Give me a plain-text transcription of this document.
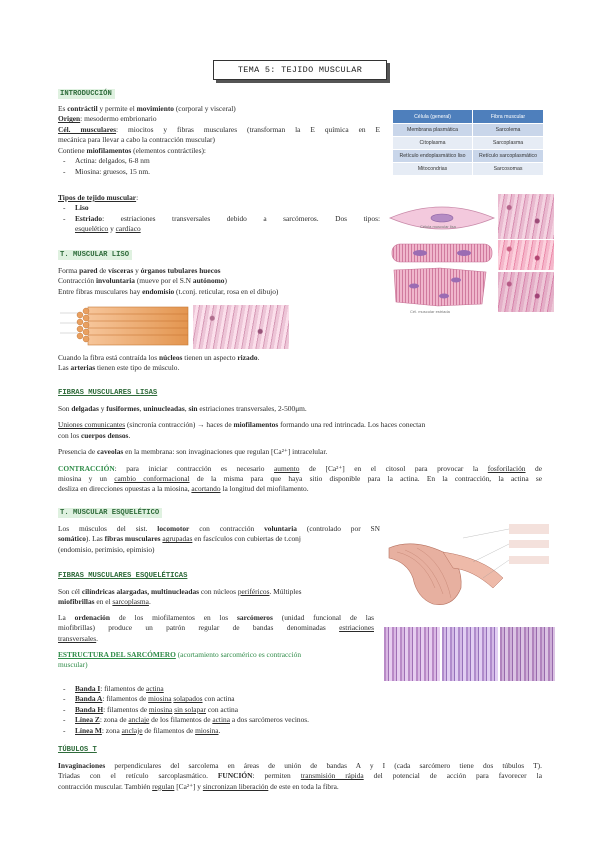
TEMA 5: TEJIDO MUSCULAR
INTRODUCCIÓN
Es contráctil y permite el movimiento (corporal y visceral)
Origen: mesodermo embrionario
Cél. musculares: miocitos y fibras musculares (transforman la E química en E
mecánica para llevar a cabo la contracción muscular)
Contiene miofilamentos (elementos contráctiles):
- Actina: delgados, 6-8 nm
- Miosina: gruesos, 15 nm.
Tipos de tejido muscular:
- Liso
- Estriado: estriaciones transversales debido a sarcómeros. Dos tipos:
esquelético y cardíaco
Célula (general)	Fibra muscular
Membrana plasmática	Sarcolema
Citoplasma	Sarcoplasma
Retículo endoplasmático liso	Retículo sarcoplasmático
Mitocondrias	Sarcosomas
Célula muscular lisa
Cél. muscular estriada
T. MUSCULAR LISO
Forma pared de vísceras y órganos tubulares huecos
Contracción involuntaria (mueve por el S.N autónomo)
Entre fibras musculares hay endomisio (t.conj. reticular, rosa en el dibujo)
Cuando la fibra está contraída los núcleos tienen un aspecto rizado.
Las arterias tienen este tipo de músculo.
FIBRAS MUSCULARES LISAS
Son delgadas y fusiformes, uninucleadas, sin estriaciones transversales, 2-500μm.
Uniones comunicantes (sincronía contracción) → haces de miofilamentos formando una red intrincada. Los haces conectan
con los cuerpos densos.
Presencia de caveolas en la membrana: son invaginaciones que regulan [Ca²⁺] intracelular.
CONTRACCIÓN: para iniciar contracción es necesario aumento de [Ca²⁺] en el citosol para provocar la fosforilación de
miosina y un cambio conformacional de la misma para que haya sitio disponible para la actina. En la contracción, la actina se
desliza en direcciones opuestas a la miosina, acortando la longitud del miofilamento.
T. MUSCULAR ESQUELÉTICO
Los músculos del sist. locomotor con contracción voluntaria (controlado por SN
somático). Las fibras musculares agrupadas en fascículos con cubiertas de t.conj
(endomisio, perimisio, epimisio)
FIBRAS MUSCULARES ESQUELÉTICAS
Son cél cilíndricas alargadas, multinucleadas con núcleos periféricos. Múltiples
miofibrillas en el sarcoplasma.
La ordenación de los miofilamentos en los sarcómeros (unidad funcional de las
miofibrillas) produce un patrón regular de bandas denominadas estriaciones
transversales.
ESTRUCTURA DEL SARCÓMERO (acortamiento sarcomérico es contracción
muscular)
- Banda I: filamentos de actina
- Banda A: filamentos de miosina solapados con actina
- Banda H: filamentos de miosina sin solapar con actina
- Línea Z: zona de anclaje de los filamentos de actina a dos sarcómeros vecinos.
- Línea M: zona anclaje de filamentos de miosina.
TÚBULOS T
Invaginaciones perpendiculares del sarcolema en áreas de unión de bandas A y I (cada sarcómero tiene dos túbulos T).
Triadas con el retículo sarcoplasmático. FUNCIÓN: permiten transmisión rápida del potencial de acción para favorecer la
contracción muscular. También regulan [Ca²⁺] y sincronizan liberación de este en toda la fibra.
